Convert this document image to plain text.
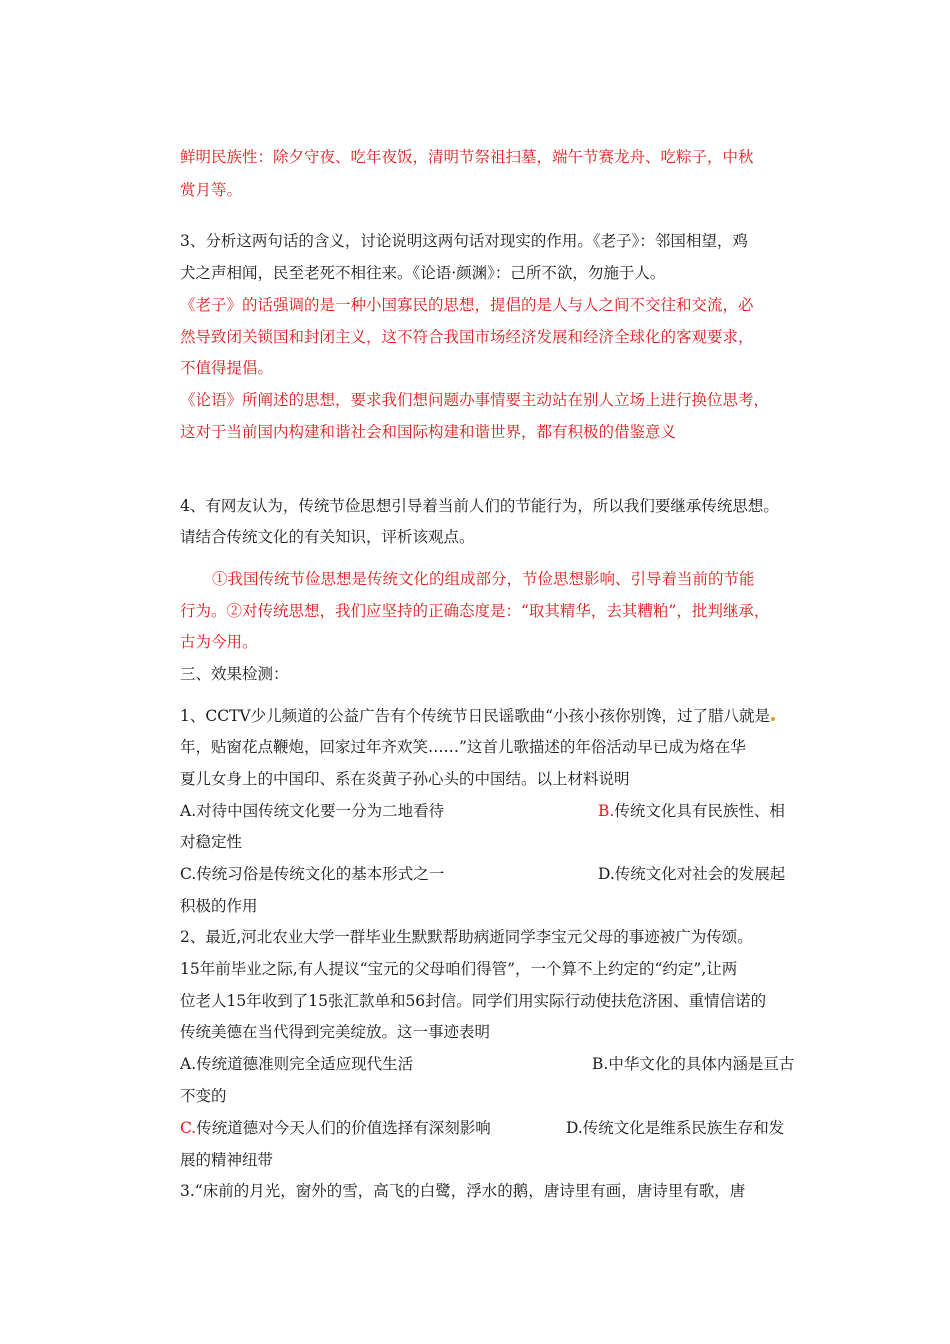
鲜明民族性：除夕守夜、吃年夜饭，清明节祭祖扫墓，端午节赛龙舟、吃粽子，中秋
赏月等。
3、分析这两句话的含义，讨论说明这两句话对现实的作用。《老子》：邻国相望，鸡
犬之声相闻，民至老死不相往来。《论语·颜渊》：己所不欲，勿施于人。
《老子》的话强调的是一种小国寡民的思想，提倡的是人与人之间不交往和交流，必
然导致闭关锁国和封闭主义，这不符合我国市场经济发展和经济全球化的客观要求，
不值得提倡。
《论语》所阐述的思想，要求我们想问题办事情要主动站在别人立场上进行换位思考，
这对于当前国内构建和谐社会和国际构建和谐世界，都有积极的借鉴意义
4、有网友认为，传统节俭思想引导着当前人们的节能行为，所以我们要继承传统思想。
请结合传统文化的有关知识，评析该观点。
①我国传统节俭思想是传统文化的组成部分，节俭思想影响、引导着当前的节能
行为。②对传统思想，我们应坚持的正确态度是：“取其精华，去其糟粕”，批判继承，
古为今用。
三、效果检测：
1、CCTV少儿频道的公益广告有个传统节日民谣歌曲“小孩小孩你别馋，过了腊八就是
年，贴窗花点鞭炮，回家过年齐欢笑……”这首儿歌描述的年俗活动早已成为烙在华
夏儿女身上的中国印、系在炎黄子孙心头的中国结。以上材料说明
A.对待中国传统文化要一分为二地看待	B.传统文化具有民族性、相
对稳定性
C.传统习俗是传统文化的基本形式之一	D.传统文化对社会的发展起
积极的作用
2、最近,河北农业大学一群毕业生默默帮助病逝同学李宝元父母的事迹被广为传颂。
15年前毕业之际,有人提议“宝元的父母咱们得管”，一个算不上约定的“约定”,让两
位老人15年收到了15张汇款单和56封信。同学们用实际行动使扶危济困、重情信诺的
传统美德在当代得到完美绽放。这一事迹表明
A.传统道德准则完全适应现代生活	B.中华文化的具体内涵是亘古
不变的
C.传统道德对今天人们的价值选择有深刻影响	D.传统文化是维系民族生存和发
展的精神纽带
3.“床前的月光，窗外的雪，高飞的白鹭，浮水的鹅，唐诗里有画，唐诗里有歌，唐
